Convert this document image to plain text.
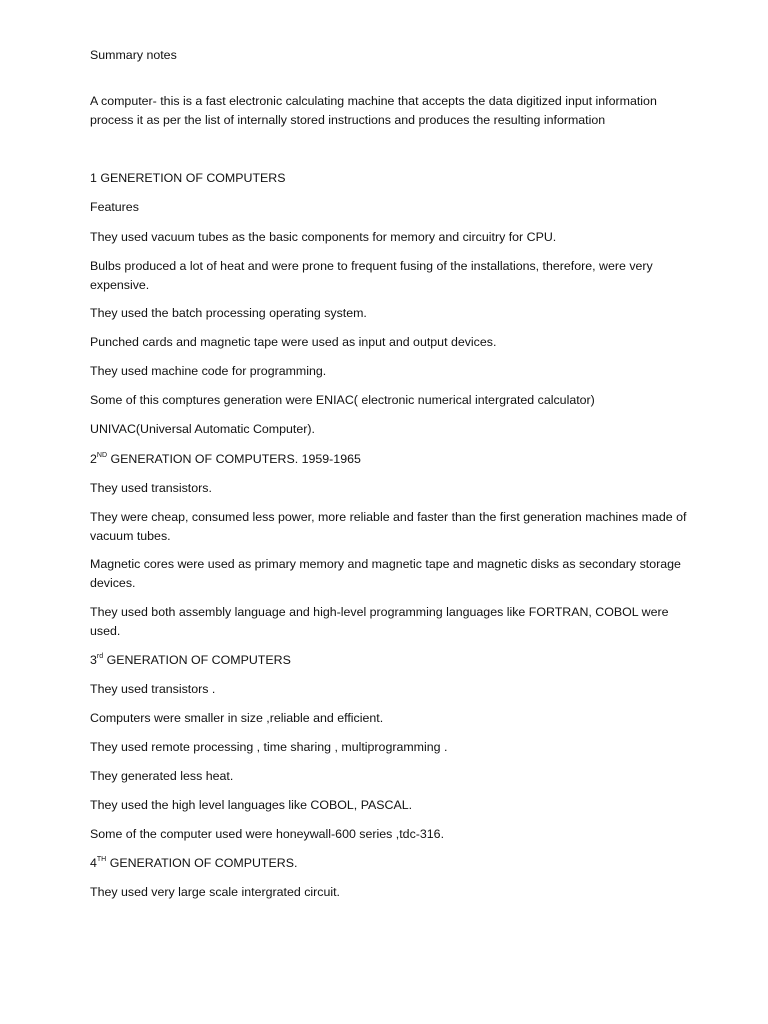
Summary notes

A computer- this is a fast electronic calculating machine that accepts the data digitized input information process it as per the list of internally stored instructions and produces the resulting information

1 GENERETION OF COMPUTERS

Features

They used vacuum tubes as the basic components for memory and circuitry for CPU.

Bulbs produced a lot of heat and were prone to frequent fusing of the installations, therefore, were very expensive.

They used the batch processing operating system.

Punched cards and magnetic tape were used as input and output devices.

They used machine code for programming.

Some of this comptures generation were ENIAC( electronic numerical intergrated calculator)

UNIVAC(Universal Automatic Computer).

2ND GENERATION OF COMPUTERS. 1959-1965

They used transistors.

They were cheap, consumed less power, more reliable and faster than the first generation machines made of vacuum tubes.

Magnetic cores were used as primary memory and magnetic tape and magnetic disks as secondary storage devices.

They used both assembly language and high-level programming languages like FORTRAN, COBOL were used.

3rd GENERATION OF COMPUTERS

They used transistors .

Computers were smaller in size ,reliable and efficient.

They used remote processing , time sharing , multiprogramming .

They generated less heat.

They used the high level languages like COBOL, PASCAL.

Some of the computer used were honeywall-600 series ,tdc-316.

4TH GENERATION OF COMPUTERS.

They used very large scale intergrated circuit.
